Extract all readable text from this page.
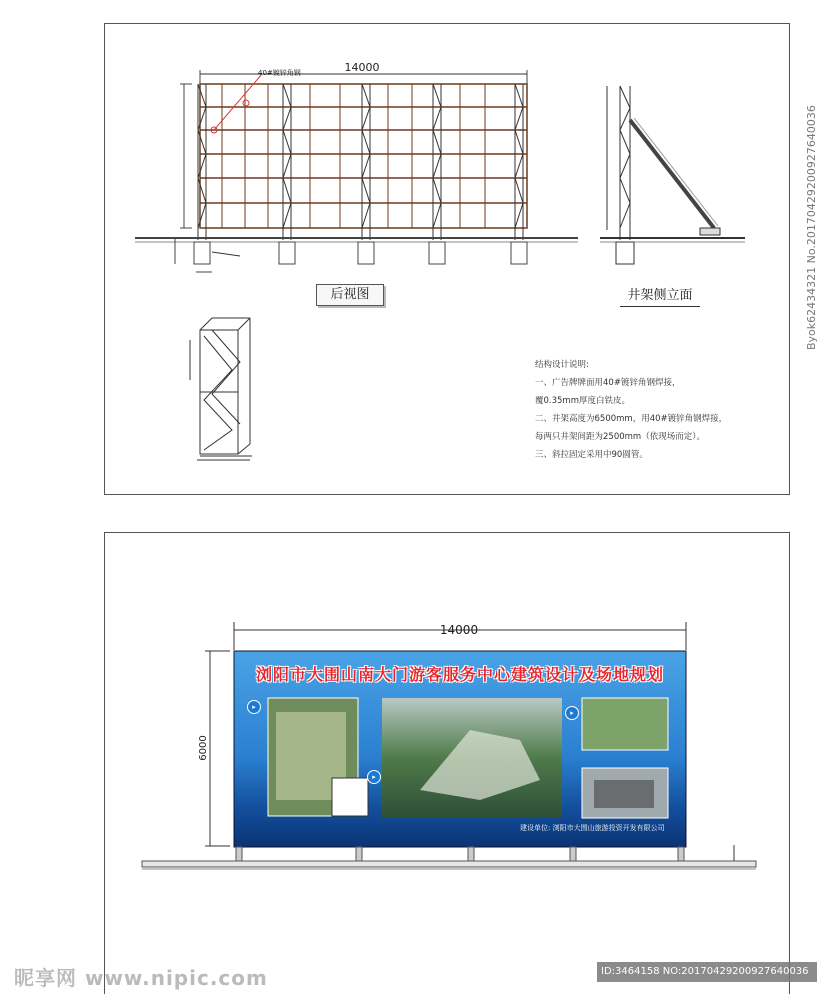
14000
40#镀锌角钢
后视图	井架侧立面
结构设计说明:
一、广告牌牌面用40#镀锌角钢焊接，
覆0.35mm厚度白铁皮。
二、井架高度为6500mm，用40#镀锌角钢焊接，
每两只井架间距为2500mm（依现场而定）。
三、斜拉固定采用中90圆管。
14000
6000
浏阳市大围山南大门游客服务中心建筑设计及场地规划
建设单位: 浏阳市大围山旅游投资开发有限公司
▸
▸
▸
Byok62434321 No.20170429200927640036
昵享网 www.nipic.com	ID:3464158 NO:20170429200927640036
